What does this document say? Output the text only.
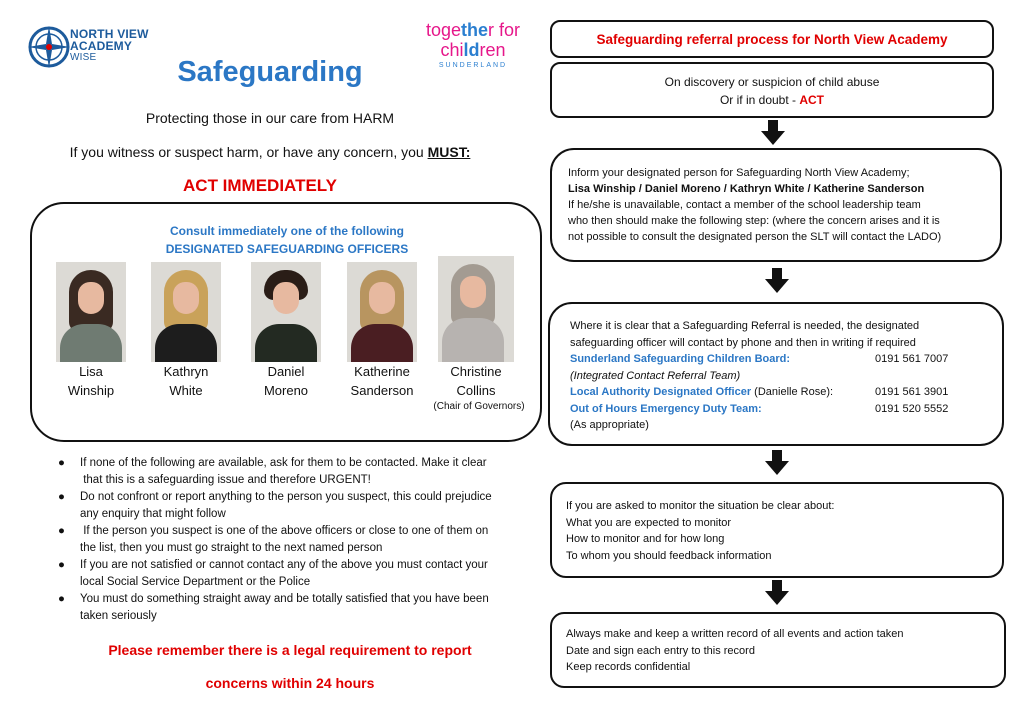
NORTH VIEW
ACADEMY
WISE
together for
children
SUNDERLAND
Safeguarding
Protecting those in our care from HARM
If you witness or suspect harm, or have any concern, you MUST:
ACT IMMEDIATELY
Consult immediately one of the following
DESIGNATED SAFEGUARDING OFFICERS
Lisa
Winship
Kathryn
White
Daniel
Moreno
Katherine
Sanderson
Christine
Collins
(Chair of Governors)
● If none of the following are available, ask for them to be contacted. Make it clear
that this is a safeguarding issue and therefore URGENT!
● Do not confront or report anything to the person you suspect, this could prejudice
any enquiry that might follow
● If the person you suspect is one of the above officers or close to one of them on
the list, then you must go straight to the next named person
● If you are not satisfied or cannot contact any of the above you must contact your
local Social Service Department or the Police
● You must do something straight away and be totally satisfied that you have been
taken seriously
Please remember there is a legal requirement to report
concerns within 24 hours
Safeguarding referral process for North View Academy
On discovery or suspicion of child abuse
Or if in doubt - ACT
Inform your designated person for Safeguarding North View Academy;
Lisa Winship / Daniel Moreno / Kathryn White / Katherine Sanderson
If he/she is unavailable, contact a member of the school leadership team
who then should make the following step: (where the concern arises and it is
not possible to consult the designated person the SLT will contact the LADO)
Where it is clear that a Safeguarding Referral is needed, the designated
safeguarding officer will contact by phone and then in writing if required
Sunderland Safeguarding Children Board:	0191 561 7007
(Integrated Contact Referral Team)
Local Authority Designated Officer (Danielle Rose):	0191 561 3901
Out of Hours Emergency Duty Team:	0191 520 5552
(As appropriate)
If you are asked to monitor the situation be clear about:
What you are expected to monitor
How to monitor and for how long
To whom you should feedback information
Always make and keep a written record of all events and action taken
Date and sign each entry to this record
Keep records confidential
